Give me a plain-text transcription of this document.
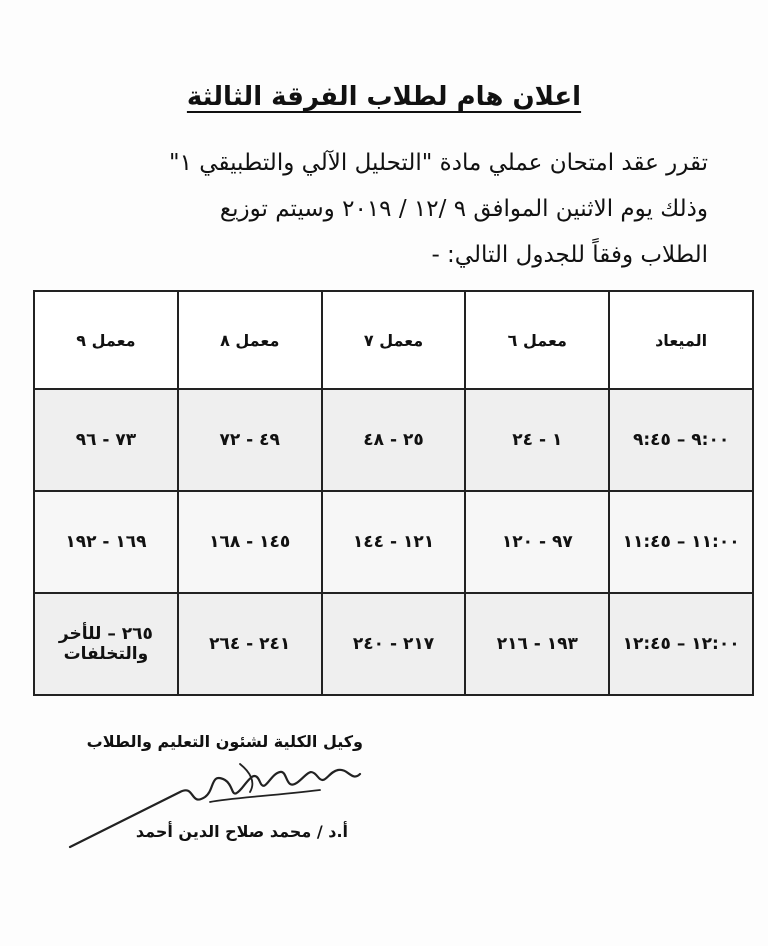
اعلان هام لطلاب الفرقة الثالثة
تقرر عقد امتحان عملي مادة "التحليل الآلي والتطبيقي ١"
وذلك يوم الاثنين الموافق ٩ /١٢ / ٢٠١٩ وسيتم توزيع
الطلاب وفقاً للجدول التالي: -
الميعاد	معمل ٦	معمل ٧	معمل ٨	معمل ٩
٩:٠٠ – ٩:٤٥	١ - ٢٤	٢٥ - ٤٨	٤٩ - ٧٢	٧٣ - ٩٦
١١:٠٠ – ١١:٤٥	٩٧ - ١٢٠	١٢١ - ١٤٤	١٤٥ - ١٦٨	١٦٩ - ١٩٢
١٢:٠٠ – ١٢:٤٥	١٩٣ - ٢١٦	٢١٧ - ٢٤٠	٢٤١ - ٢٦٤	٢٦٥ – للأخر والتخلفات
وكيل الكلية لشئون التعليم والطلاب
أ.د / محمد صلاح الدين أحمد
